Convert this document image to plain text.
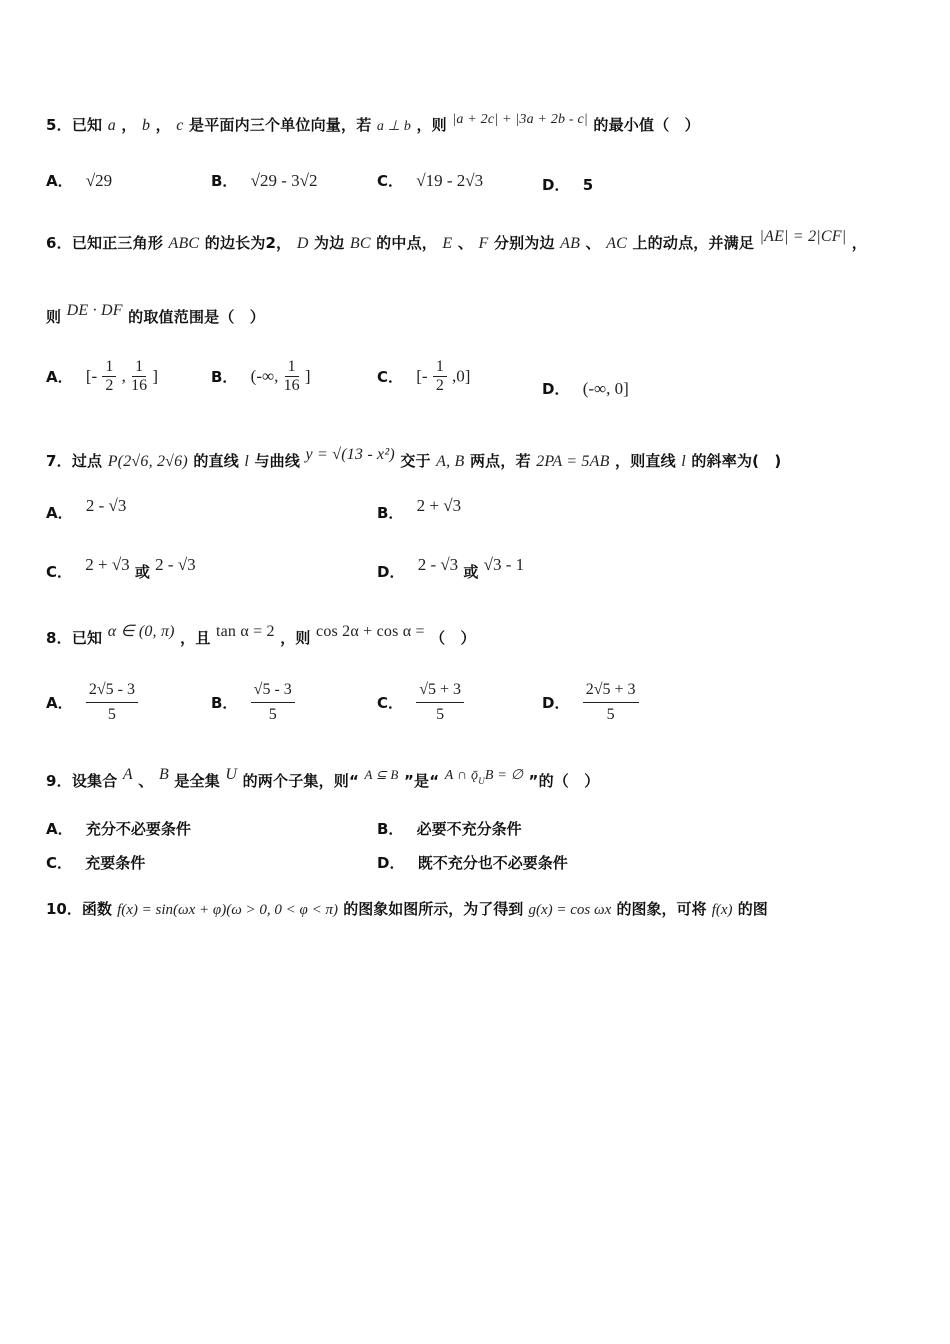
5．已知 a ， b ， c 是平面内三个单位向量，若 a ⊥ b ，则 |a + 2c| + |3a + 2b - c| 的最小值（　）
A． √29	B． √29 - 3√2	C． √19 - 2√3	D． 5
6．已知正三角形 ABC 的边长为2， D 为边 BC 的中点， E 、 F 分别为边 AB 、 AC 上的动点，并满足 |AE| = 2|CF| ，
则 DE · DF 的取值范围是（　）
A． [- $\frac{1}{2}$ , $\frac{1}{16}$ ]	B． (-∞, $\frac{1}{16}$ ]	C． [- $\frac{1}{2} ,0$]
D． (-∞, 0]
7．过点 P(2√6, 2√6) 的直线 l 与曲线 y = √(13 - x²) 交于 A, B 两点，若 2PA = 5AB ，则直线 l 的斜率为(　)
A． 2 - √3	B． 2 + √3
C． 2 + √3 或 2 - √3	D． 2 - √3 或 √3 - 1
8．已知 α ∈ (0, π) ，且 tan α = 2 ，则 cos 2α + cos α = （　）
A． $\frac{2√5 - 3}{5}$	B． $\frac{√5 - 3}{5}$	C． $\frac{√5 + 3}{5}$	D． $\frac{2√5 + 3}{5}$
9．设集合 A 、 B 是全集 U 的两个子集，则“ A ⊆ B ”是“ A ∩ ǭUB = ∅ ”的（　）
A． 充分不必要条件	B． 必要不充分条件
C． 充要条件	D． 既不充分也不必要条件
10．函数 f(x) = sin(ωx + φ)(ω > 0, 0 < φ < π) 的图象如图所示，为了得到 g(x) = cos ωx 的图象，可将 f(x) 的图
